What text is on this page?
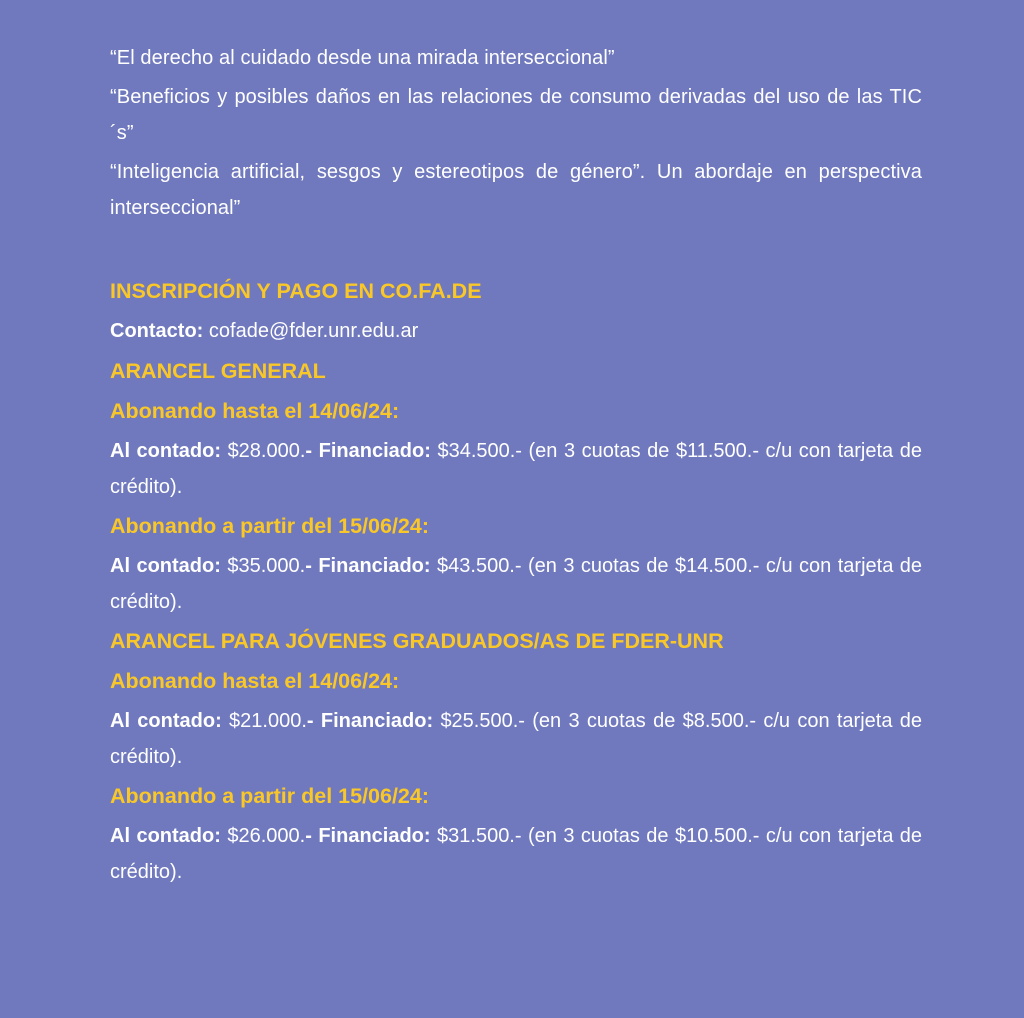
“El derecho al cuidado desde una mirada interseccional”

“Beneficios y posibles daños en las relaciones de consumo derivadas del uso de las TIC´s”

“Inteligencia artificial, sesgos y estereotipos de género”. Un abordaje en perspectiva interseccional”

INSCRIPCIÓN Y PAGO EN CO.FA.DE
Contacto: cofade@fder.unr.edu.ar
ARANCEL GENERAL
Abonando hasta el 14/06/24:

Al contado: $28.000.- Financiado: $34.500.- (en 3 cuotas de $11.500.- c/u con tarjeta de crédito).

Abonando a partir del 15/06/24:

Al contado: $35.000.- Financiado: $43.500.- (en 3 cuotas de $14.500.- c/u con tarjeta de crédito).

ARANCEL PARA JÓVENES GRADUADOS/AS DE FDER-UNR
Abonando hasta el 14/06/24:

Al contado: $21.000.- Financiado: $25.500.- (en 3 cuotas de $8.500.- c/u con tarjeta de crédito).

Abonando a partir del 15/06/24:

Al contado: $26.000.- Financiado: $31.500.- (en 3 cuotas de $10.500.- c/u con tarjeta de crédito).
